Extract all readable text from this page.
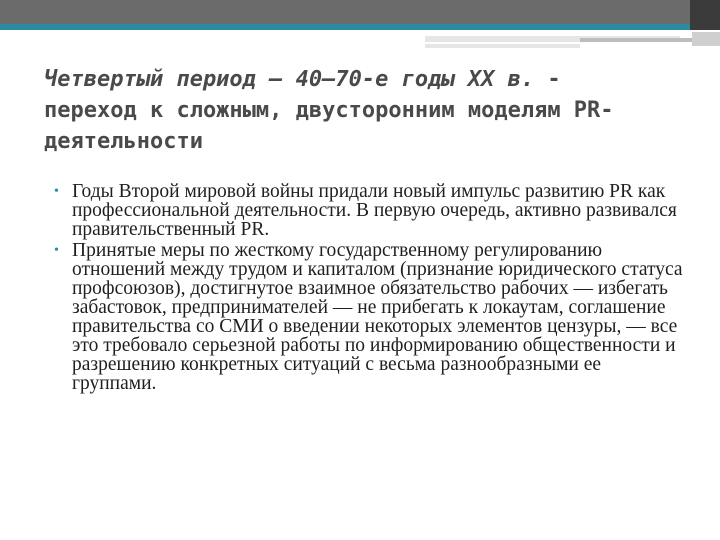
Четвертый период — 40—70-е годы XX в. -
переход к сложным, двусторонним моделям PR-
деятельности
• Годы Второй мировой войны придали новый импульс развитию PR как профессиональной деятельности. В первую очередь, активно развивался правительственный PR.
• Принятые меры по жесткому государственному регулированию отношений между трудом и капиталом (признание юридического статуса профсоюзов), достигнутое взаимное обязательство рабочих — избегать забастовок, предпринимателей — не прибегать к локаутам, соглашение правительства со СМИ о введении некоторых элементов цензуры, — все это требовало серьезной работы по информированию общественности и разрешению конкретных ситуаций с весьма разнообразными ее группами.
